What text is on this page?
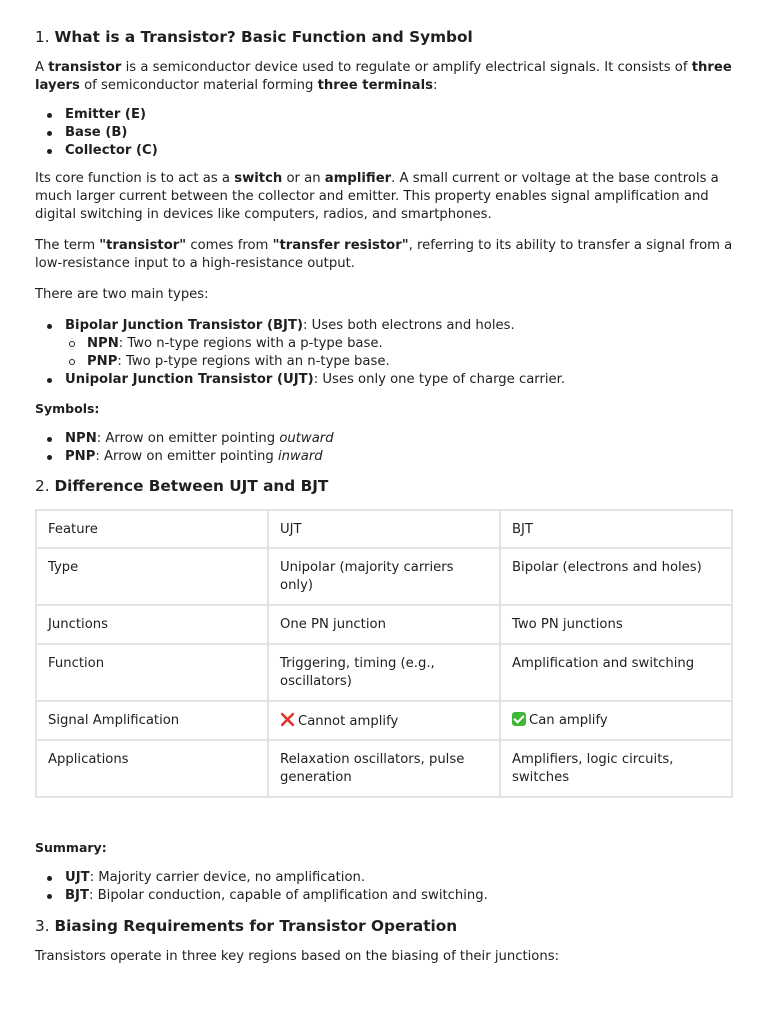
1. What is a Transistor? Basic Function and Symbol

A transistor is a semiconductor device used to regulate or amplify electrical signals. It consists of three layers of semiconductor material forming three terminals:

Emitter (E)
Base (B)
Collector (C)

Its core function is to act as a switch or an amplifier. A small current or voltage at the base controls a much larger current between the collector and emitter. This property enables signal amplification and digital switching in devices like computers, radios, and smartphones.

The term "transistor" comes from "transfer resistor", referring to its ability to transfer a signal from a low-resistance input to a high-resistance output.

There are two main types:

Bipolar Junction Transistor (BJT): Uses both electrons and holes.
NPN: Two n-type regions with a p-type base.
PNP: Two p-type regions with an n-type base.
Unipolar Junction Transistor (UJT): Uses only one type of charge carrier.

Symbols:

NPN: Arrow on emitter pointing outward
PNP: Arrow on emitter pointing inward
2. Difference Between UJT and BJT
Feature	UJT	BJT
Type	Unipolar (majority carriers only)	Bipolar (electrons and holes)
Junctions	One PN junction	Two PN junctions
Function	Triggering, timing (e.g., oscillators)	Amplification and switching
Signal Amplification	Cannot amplify	Can amplify
Applications	Relaxation oscillators, pulse generation	Amplifiers, logic circuits, switches

Summary:

UJT: Majority carrier device, no amplification.
BJT: Bipolar conduction, capable of amplification and switching.
3. Biasing Requirements for Transistor Operation

Transistors operate in three key regions based on the biasing of their junctions:
